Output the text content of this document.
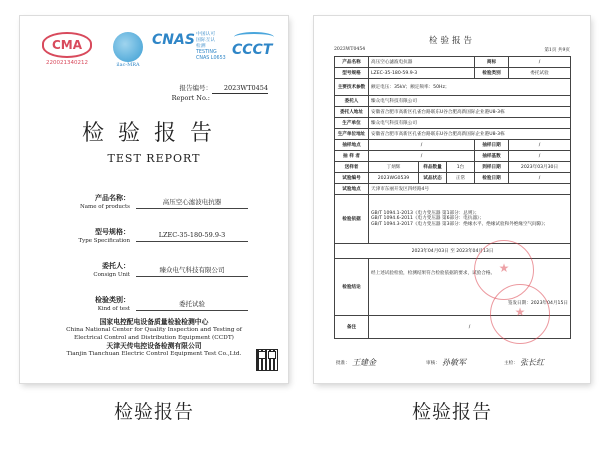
CMA
220021340212	ilac-MRA
CNAS 中国认可
国际互认
检测
TESTING
CNAS L0653
CCCT
报告编号： 2023WT0454
Report No.:
检验报告
TEST REPORT
产品名称：
Name of products
高压空心滤波电抗器
型号规格：
Type Specification
LZEC-35-180-59.9-3
委托人：
Consign Unit
臻众电气科技有限公司
检验类别：
Kind of test
委托试验
国家电控配电设备质量检验检测中心
China National Center for Quality Inspection and Testing of
Electrical Control and Distribution Equipment (CCDT)
天津天传电控设备检测有限公司
Tianjin Tianchuan Electric Control Equipment Test Co.,Ltd.
检验报告
2023WT0454	第1页 共9页
产品名称	高压空心滤波电抗器			商标	/
型号规格	LZEC-35-180-59.9-3			检验类别	委托试验
主要技术参数	额定电压：35kV；额定频率：50Hz；				
委托人	臻众电气科技有限公司				
委托人地址	安徽省合肥市高新区孔雀台路联东U谷合肥高新国际企业港U8-3栋				
生产单位	臻众电气科技有限公司				
生产单位地址	安徽省合肥市高新区孔雀台路联东U谷合肥高新国际企业港U8-3栋				
抽样地点	/			抽样日期	/
抽 样 者	/			抽样基数	/
送样者	丁炳辉	样品数量	1台	到样日期	2023年03月30日
试验编号	2023WG0539	试品状态	正常	检验日期	/
试验地点	天津市东丽开发区四经路4号				
检验依据	GB/T 1094.1-2013《电力变压器 第1部分：总则》；
GB/T 1094.6-2011《电力变压器 第6部分：电抗器》；
GB/T 1094.3-2017《电力变压器 第3部分：绝缘水平、绝缘试验和外绝缘空气间隙》；				

2023年04月03日 至 2023年04月13日					
检验结论	经上述试验检验，检测结果符合检验依据的要求，试验合格。
签发日期：2023年04月15日				

备注	/				
★
★
批准： 王建金	审核： 孙敏军	主检： 张长红
检验报告	检验报告
